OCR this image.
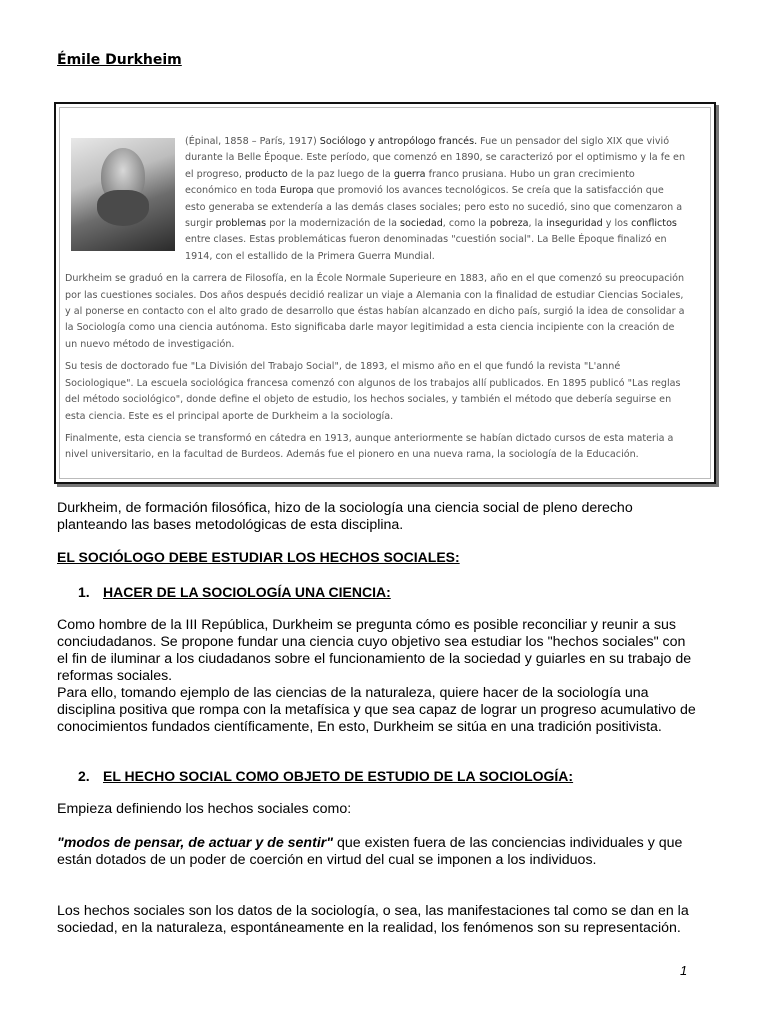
Émile Durkheim

(Épinal, 1858 – París, 1917) Sociólogo y antropólogo francés. Fue un pensador del siglo XIX que vivió durante la Belle Époque. Este período, que comenzó en 1890, se caracterizó por el optimismo y la fe en el progreso, producto de la paz luego de la guerra franco prusiana. Hubo un gran crecimiento económico en toda Europa que promovió los avances tecnológicos. Se creía que la satisfacción que esto generaba se extendería a las demás clases sociales; pero esto no sucedió, sino que comenzaron a surgir problemas por la modernización de la sociedad, como la pobreza, la inseguridad y los conflictos entre clases. Estas problemáticas fueron denominadas "cuestión social". La Belle Époque finalizó en 1914, con el estallido de la Primera Guerra Mundial.

Durkheim se graduó en la carrera de Filosofía, en la École Normale Superieure en 1883, año en el que comenzó su preocupación por las cuestiones sociales. Dos años después decidió realizar un viaje a Alemania con la finalidad de estudiar Ciencias Sociales, y al ponerse en contacto con el alto grado de desarrollo que éstas habían alcanzado en dicho país, surgió la idea de consolidar a la Sociología como una ciencia autónoma. Esto significaba darle mayor legitimidad a esta ciencia incipiente con la creación de un nuevo método de investigación.

Su tesis de doctorado fue "La División del Trabajo Social", de 1893, el mismo año en el que fundó la revista "L'anné Sociologique". La escuela sociológica francesa comenzó con algunos de los trabajos allí publicados. En 1895 publicó "Las reglas del método sociológico", donde define el objeto de estudio, los hechos sociales, y también el método que debería seguirse en esta ciencia. Este es el principal aporte de Durkheim a la sociología.

Finalmente, esta ciencia se transformó en cátedra en 1913, aunque anteriormente se habían dictado cursos de esta materia a nivel universitario, en la facultad de Burdeos. Además fue el pionero en una nueva rama, la sociología de la Educación.

Durkheim, de formación filosófica, hizo de la sociología una ciencia social de pleno derecho planteando las bases metodológicas de esta disciplina.
EL SOCIÓLOGO DEBE ESTUDIAR LOS HECHOS SOCIALES:
1. HACER DE LA SOCIOLOGÍA UNA CIENCIA:
Como hombre de la III República, Durkheim se pregunta cómo es posible reconciliar y reunir a sus conciudadanos. Se propone fundar una ciencia cuyo objetivo sea estudiar los "hechos sociales" con el fin de iluminar a los ciudadanos sobre el funcionamiento de la sociedad y guiarles en su trabajo de reformas sociales.
Para ello, tomando ejemplo de las ciencias de la naturaleza, quiere hacer de la sociología una disciplina positiva que rompa con la metafísica y que sea capaz de lograr un progreso acumulativo de conocimientos fundados científicamente, En esto, Durkheim se sitúa en una tradición positivista.
2. EL HECHO SOCIAL COMO OBJETO DE ESTUDIO DE LA SOCIOLOGÍA:
Empieza definiendo los hechos sociales como:
"modos de pensar, de actuar y de sentir" que existen fuera de las conciencias individuales y que están dotados de un poder de coerción en virtud del cual se imponen a los individuos.
Los hechos sociales son los datos de la sociología, o sea, las manifestaciones tal como se dan en la sociedad, en la naturaleza, espontáneamente en la realidad, los fenómenos son su representación.
1
